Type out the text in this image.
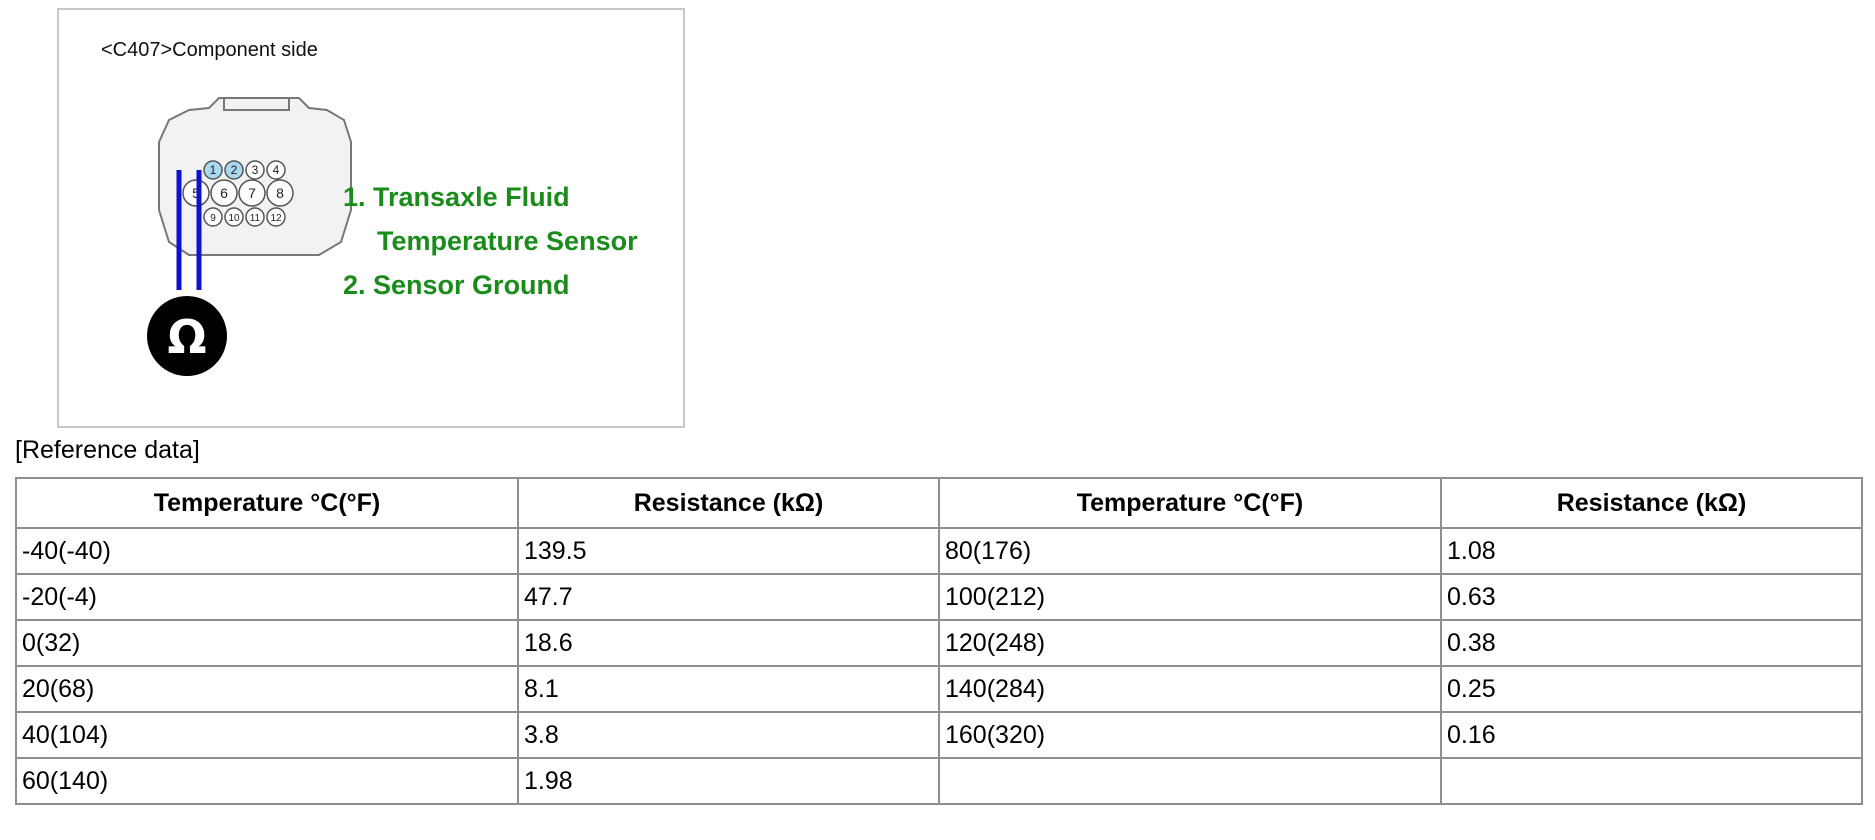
<C407>Component side
1 2 3 4
5 6 7 8
9 10 11 12
Ω
1. Transaxle Fluid
Temperature Sensor
2. Sensor Ground
[Reference data]
Temperature °C(°F)	Resistance (kΩ)	Temperature °C(°F)	Resistance (kΩ)
-40(-40)	139.5	80(176)	1.08
-20(-4)	47.7	100(212)	0.63
0(32)	18.6	120(248)	0.38
20(68)	8.1	140(284)	0.25
40(104)	3.8	160(320)	0.16
60(140)	1.98		
